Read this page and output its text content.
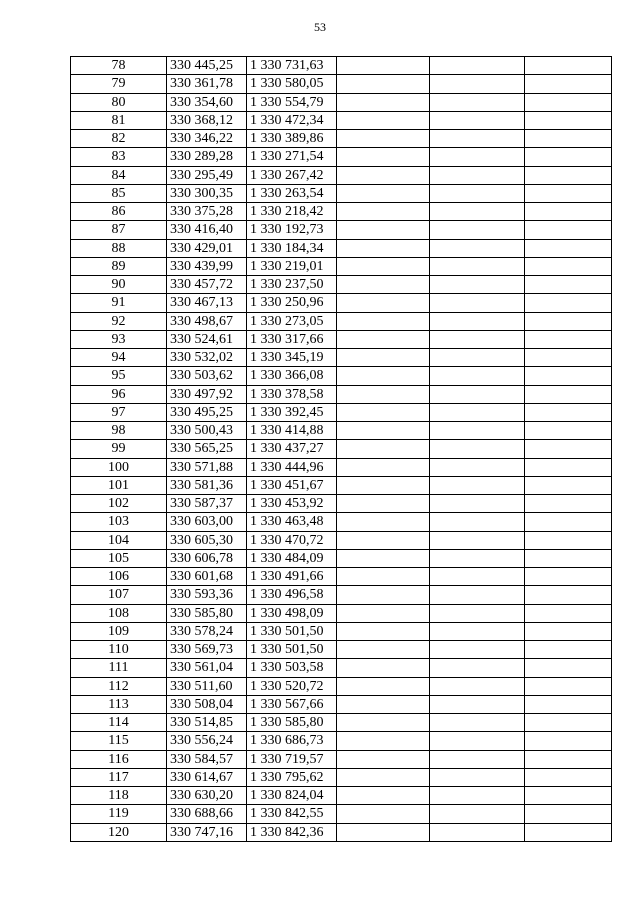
53
78	330 445,25	1 330 731,63			
79	330 361,78	1 330 580,05			
80	330 354,60	1 330 554,79			
81	330 368,12	1 330 472,34			
82	330 346,22	1 330 389,86			
83	330 289,28	1 330 271,54			
84	330 295,49	1 330 267,42			
85	330 300,35	1 330 263,54			
86	330 375,28	1 330 218,42			
87	330 416,40	1 330 192,73			
88	330 429,01	1 330 184,34			
89	330 439,99	1 330 219,01			
90	330 457,72	1 330 237,50			
91	330 467,13	1 330 250,96			
92	330 498,67	1 330 273,05			
93	330 524,61	1 330 317,66			
94	330 532,02	1 330 345,19			
95	330 503,62	1 330 366,08			
96	330 497,92	1 330 378,58			
97	330 495,25	1 330 392,45			
98	330 500,43	1 330 414,88			
99	330 565,25	1 330 437,27			
100	330 571,88	1 330 444,96			
101	330 581,36	1 330 451,67			
102	330 587,37	1 330 453,92			
103	330 603,00	1 330 463,48			
104	330 605,30	1 330 470,72			
105	330 606,78	1 330 484,09			
106	330 601,68	1 330 491,66			
107	330 593,36	1 330 496,58			
108	330 585,80	1 330 498,09			
109	330 578,24	1 330 501,50			
110	330 569,73	1 330 501,50			
111	330 561,04	1 330 503,58			
112	330 511,60	1 330 520,72			
113	330 508,04	1 330 567,66			
114	330 514,85	1 330 585,80			
115	330 556,24	1 330 686,73			
116	330 584,57	1 330 719,57			
117	330 614,67	1 330 795,62			
118	330 630,20	1 330 824,04			
119	330 688,66	1 330 842,55			
120	330 747,16	1 330 842,36			
